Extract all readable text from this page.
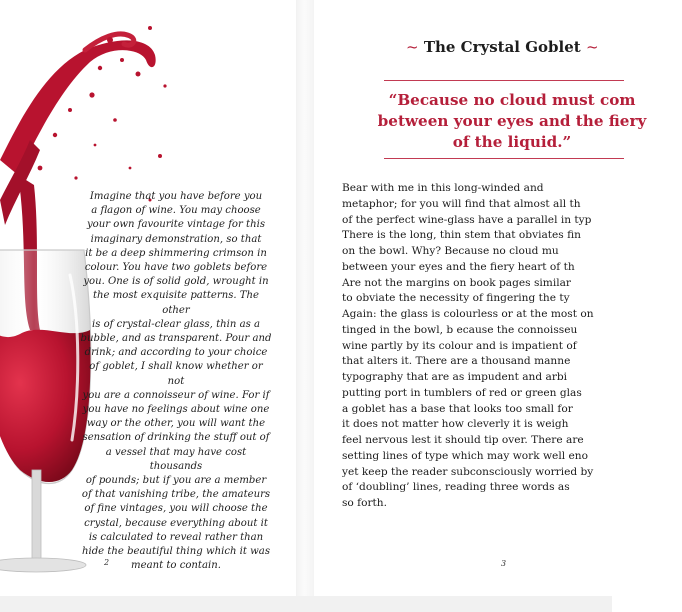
Imagine that you have before you
a flagon of wine. You may choose
your own favourite vintage for this
imaginary demonstration, so that
it be a deep shimmering crimson in
colour. You have two goblets before
you. One is of solid gold, wrought in
the most exquisite patterns. The other
is of crystal-clear glass, thin as a
bubble, and as transparent. Pour and
drink; and according to your choice
of goblet, I shall know whether or not
you are a connoisseur of wine. For if
you have no feelings about wine one
way or the other, you will want the
sensation of drinking the stuff out of
a vessel that may have cost thousands
of pounds; but if you are a member
of that vanishing tribe, the amateurs
of fine vintages, you will choose the
crystal, because everything about it
is calculated to reveal rather than
hide the beautiful thing which it was
meant to contain.

2
~ The Crystal Goblet ~

“Because no cloud must com
between your eyes and the fiery
of the liquid.”

Bear with me in this long-winded and
metaphor; for you will find that almost all th
of the perfect wine-glass have a parallel in typ
There is the long, thin stem that obviates fin
on the bowl. Why? Because no cloud mu
between your eyes and the fiery heart of th
Are not the margins on book pages similar
to obviate the necessity of fingering the ty
Again: the glass is colourless or at the most on
tinged in the bowl, b ecause the connoisseu
wine partly by its colour and is impatient of
that alters it. There are a thousand manne
typography that are as impudent and arbi
putting port in tumblers of red or green glas
a goblet has a base that looks too small for
it does not matter how cleverly it is weigh
feel nervous lest it should tip over. There are
setting lines of type which may work well eno
yet keep the reader subconsciously worried by
of ‘doubling’ lines, reading three words as
so forth.

3
